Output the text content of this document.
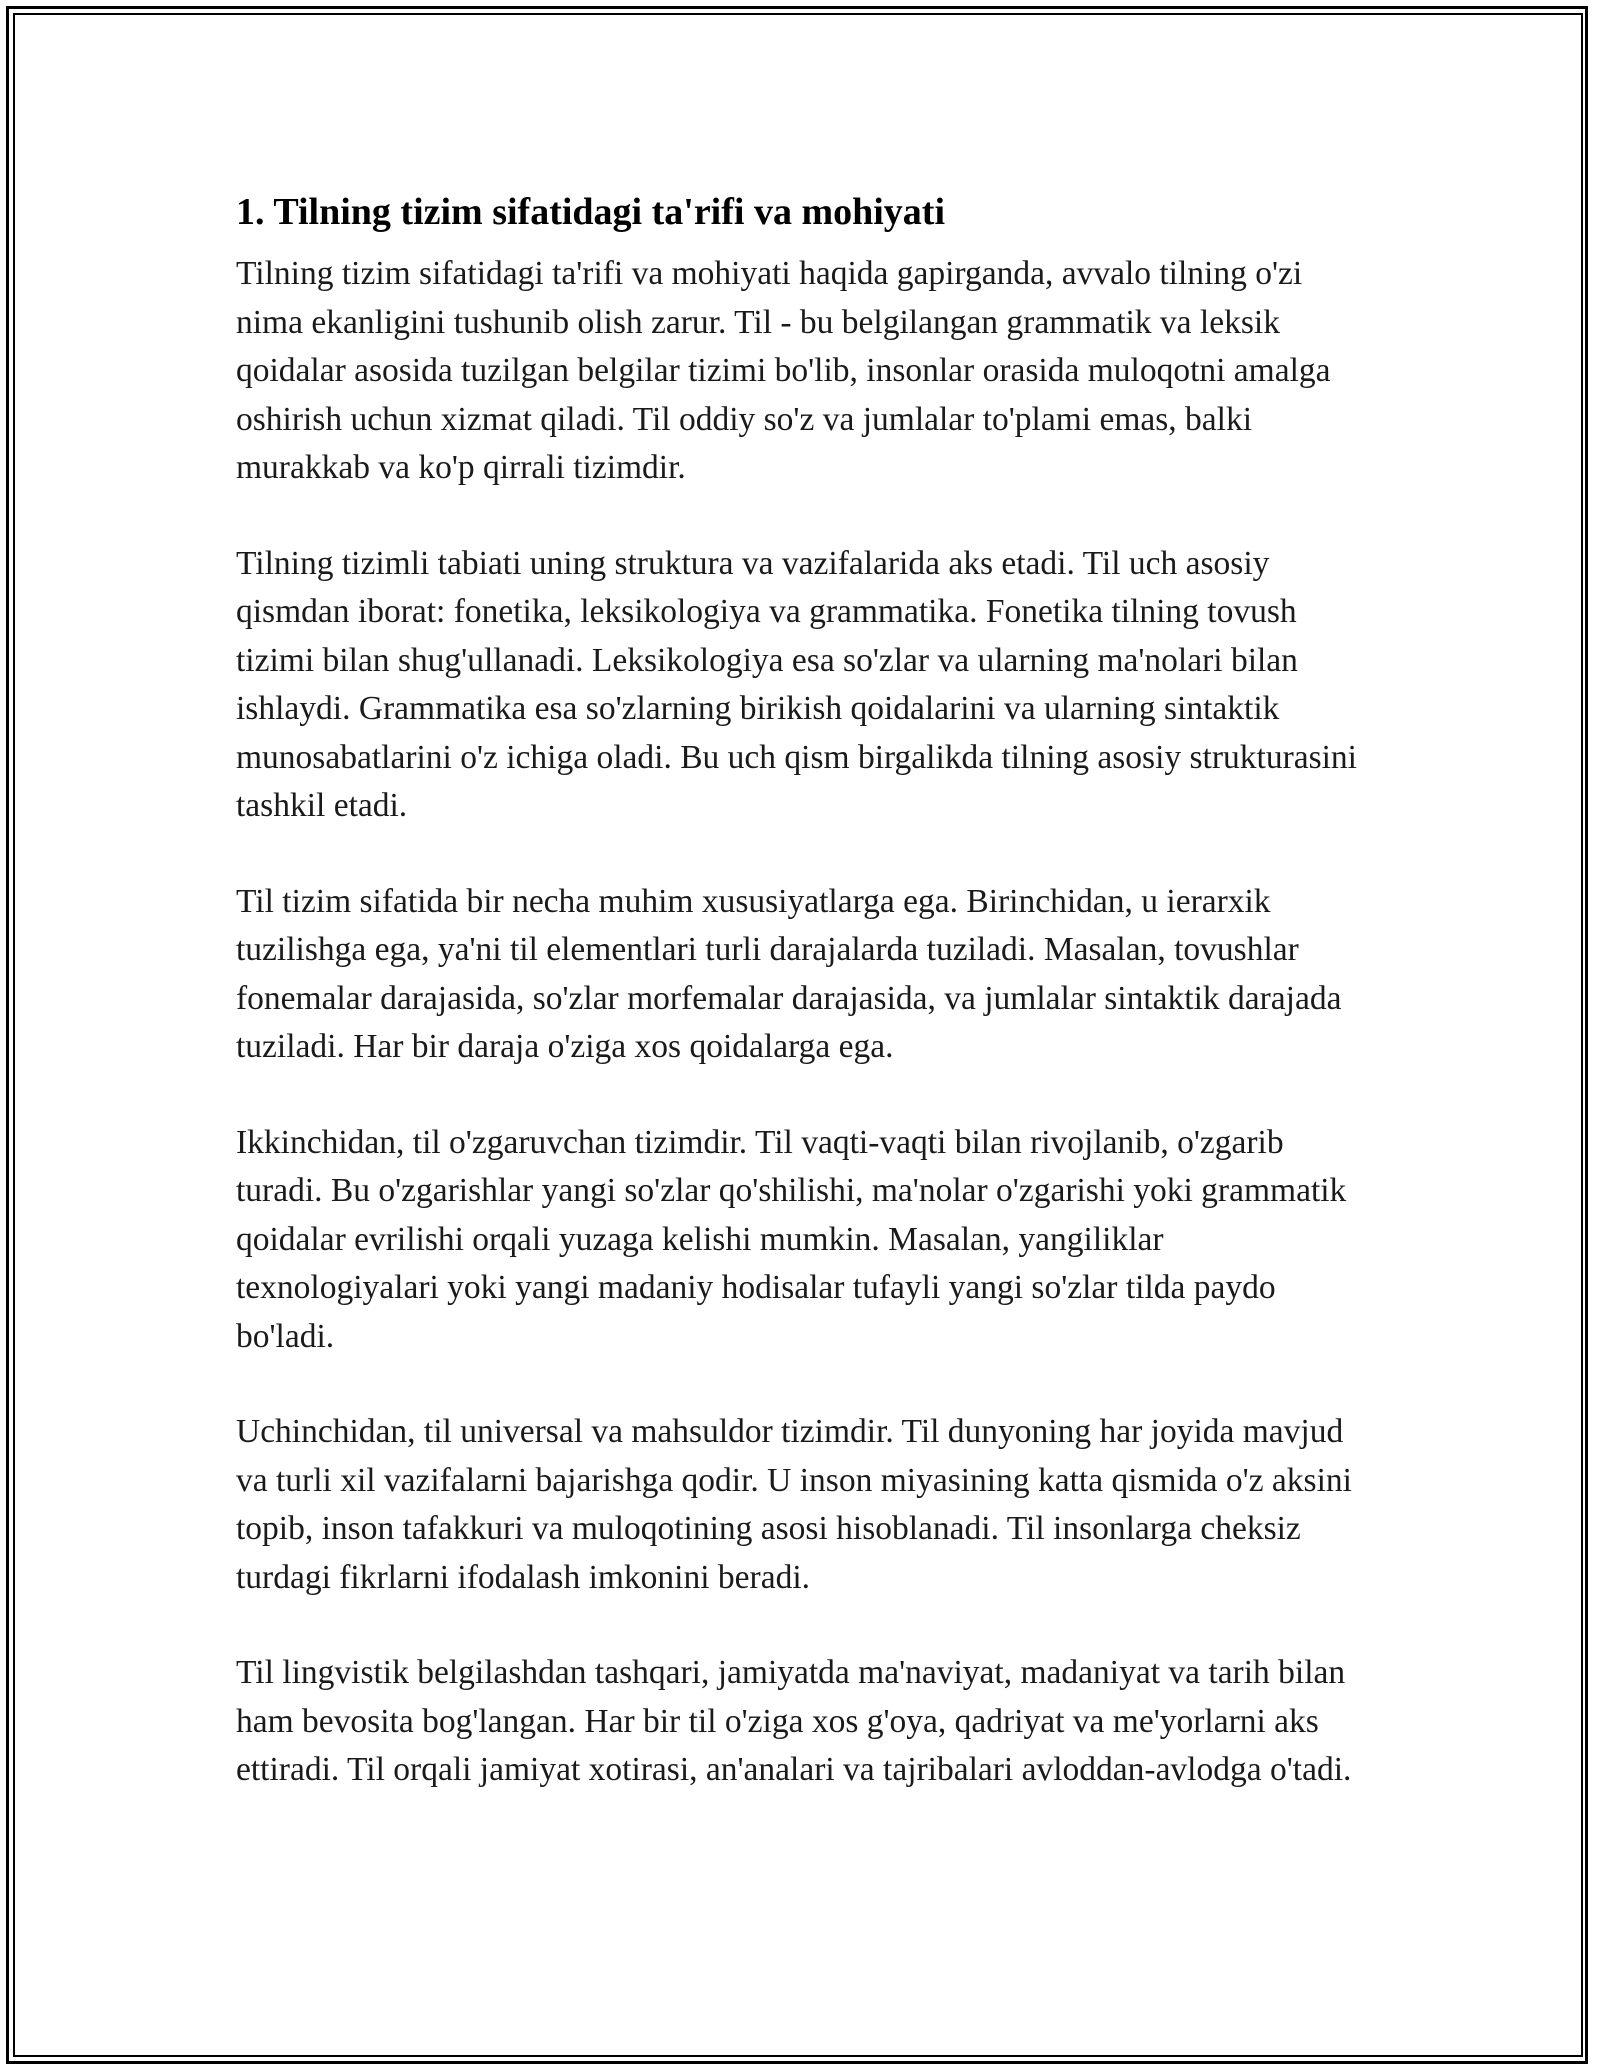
1. Tilning tizim sifatidagi ta'rifi va mohiyati

Tilning tizim sifatidagi ta'rifi va mohiyati haqida gapirganda, avvalo tilning o'zi nima ekanligini tushunib olish zarur. Til - bu belgilangan grammatik va leksik qoidalar asosida tuzilgan belgilar tizimi bo'lib, insonlar orasida muloqotni amalga oshirish uchun xizmat qiladi. Til oddiy so'z va jumlalar to'plami emas, balki murakkab va ko'p qirrali tizimdir.

Tilning tizimli tabiati uning struktura va vazifalarida aks etadi. Til uch asosiy qismdan iborat: fonetika, leksikologiya va grammatika. Fonetika tilning tovush tizimi bilan shug'ullanadi. Leksikologiya esa so'zlar va ularning ma'nolari bilan ishlaydi. Grammatika esa so'zlarning birikish qoidalarini va ularning sintaktik munosabatlarini o'z ichiga oladi. Bu uch qism birgalikda tilning asosiy strukturasini tashkil etadi.

Til tizim sifatida bir necha muhim xususiyatlarga ega. Birinchidan, u ierarxik tuzilishga ega, ya'ni til elementlari turli darajalarda tuziladi. Masalan, tovushlar fonemalar darajasida, so'zlar morfemalar darajasida, va jumlalar sintaktik darajada tuziladi. Har bir daraja o'ziga xos qoidalarga ega.

Ikkinchidan, til o'zgaruvchan tizimdir. Til vaqti-vaqti bilan rivojlanib, o'zgarib turadi. Bu o'zgarishlar yangi so'zlar qo'shilishi, ma'nolar o'zgarishi yoki grammatik qoidalar evrilishi orqali yuzaga kelishi mumkin. Masalan, yangiliklar texnologiyalari yoki yangi madaniy hodisalar tufayli yangi so'zlar tilda paydo bo'ladi.

Uchinchidan, til universal va mahsuldor tizimdir. Til dunyoning har joyida mavjud va turli xil vazifalarni bajarishga qodir. U inson miyasining katta qismida o'z aksini topib, inson tafakkuri va muloqotining asosi hisoblanadi. Til insonlarga cheksiz turdagi fikrlarni ifodalash imkonini beradi.

Til lingvistik belgilashdan tashqari, jamiyatda ma'naviyat, madaniyat va tarih bilan ham bevosita bog'langan. Har bir til o'ziga xos g'oya, qadriyat va me'yorlarni aks ettiradi. Til orqali jamiyat xotirasi, an'analari va tajribalari avloddan-avlodga o'tadi.
